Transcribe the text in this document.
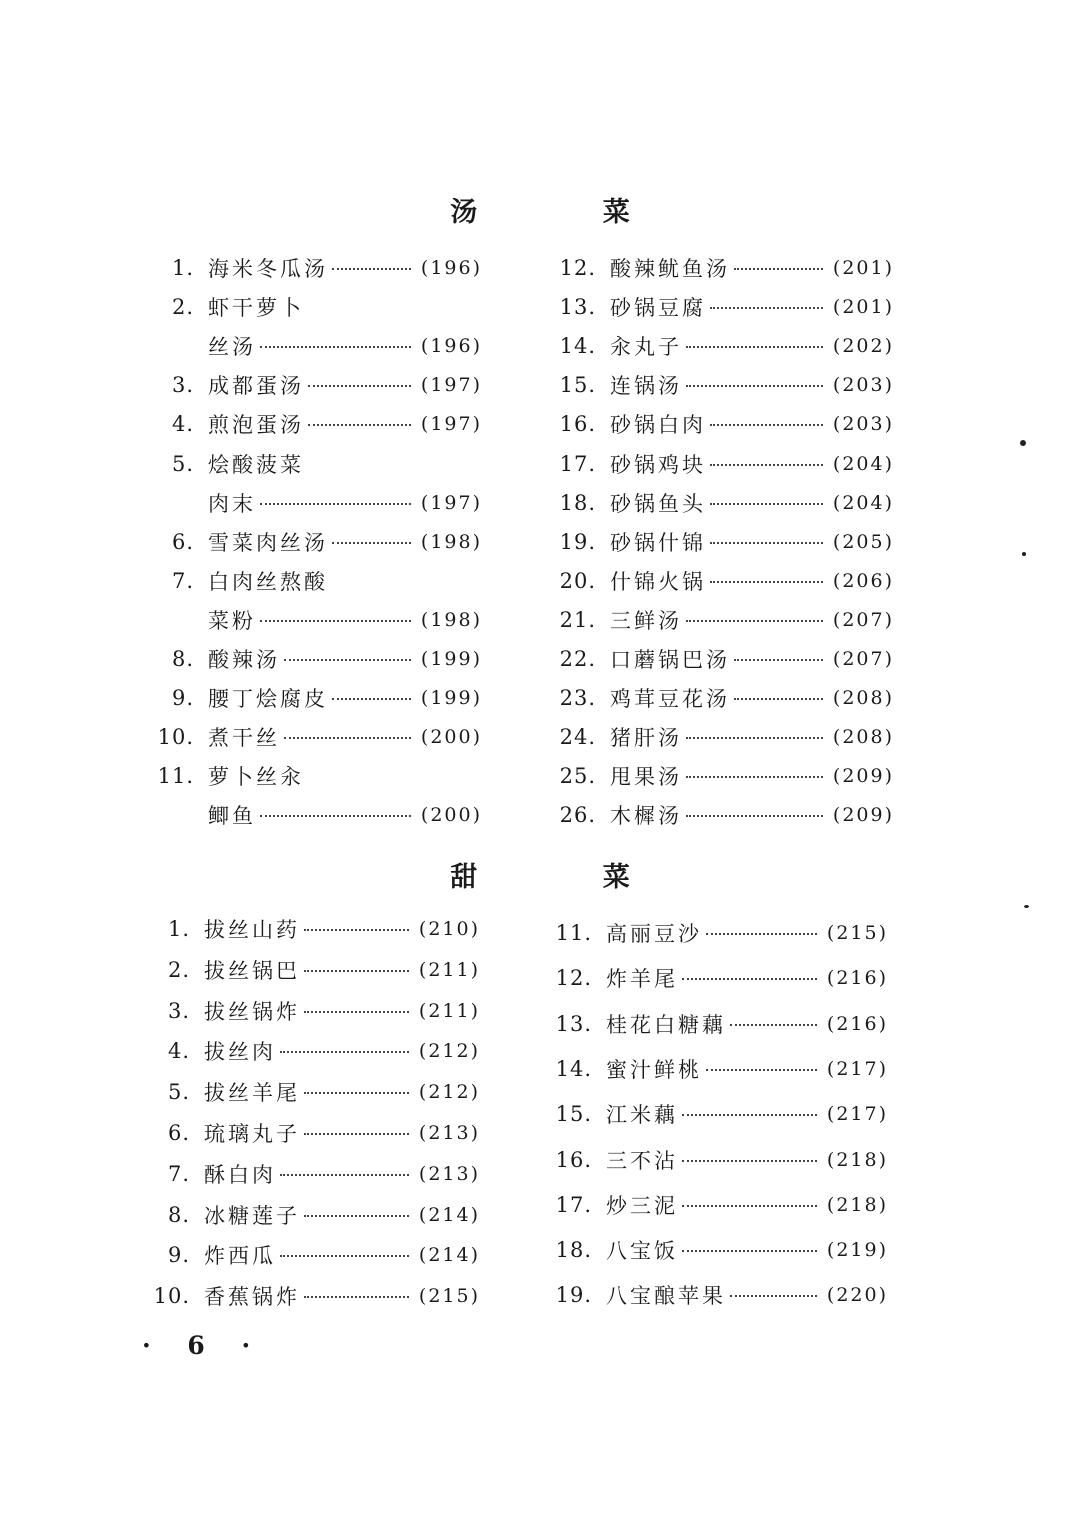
汤 菜
1. 海米冬瓜汤	(196)
2. 虾干萝卜
丝汤	(196)
3. 成都蛋汤	(197)
4. 煎泡蛋汤	(197)
5. 烩酸菠菜
肉末	(197)
6. 雪菜肉丝汤	(198)
7. 白肉丝熬酸
菜粉	(198)
8. 酸辣汤	(199)
9. 腰丁烩腐皮	(199)
10. 煮干丝	(200)
11. 萝卜丝汆
鲫鱼	(200)
12. 酸辣鱿鱼汤	(201)
13. 砂锅豆腐	(201)
14. 汆丸子	(202)
15. 连锅汤	(203)
16. 砂锅白肉	(203)
17. 砂锅鸡块	(204)
18. 砂锅鱼头	(204)
19. 砂锅什锦	(205)
20. 什锦火锅	(206)
21. 三鲜汤	(207)
22. 口蘑锅巴汤	(207)
23. 鸡茸豆花汤	(208)
24. 猪肝汤	(208)
25. 甩果汤	(209)
26. 木樨汤	(209)
甜 菜
1. 拔丝山药	(210)
2. 拔丝锅巴	(211)
3. 拔丝锅炸	(211)
4. 拔丝肉	(212)
5. 拔丝羊尾	(212)
6. 琉璃丸子	(213)
7. 酥白肉	(213)
8. 冰糖莲子	(214)
9. 炸西瓜	(214)
10. 香蕉锅炸	(215)
11. 高丽豆沙	(215)
12. 炸羊尾	(216)
13. 桂花白糖藕	(216)
14. 蜜汁鲜桃	(217)
15. 江米藕	(217)
16. 三不沾	(218)
17. 炒三泥	(218)
18. 八宝饭	(219)
19. 八宝酿苹果	(220)
· 6 ·
